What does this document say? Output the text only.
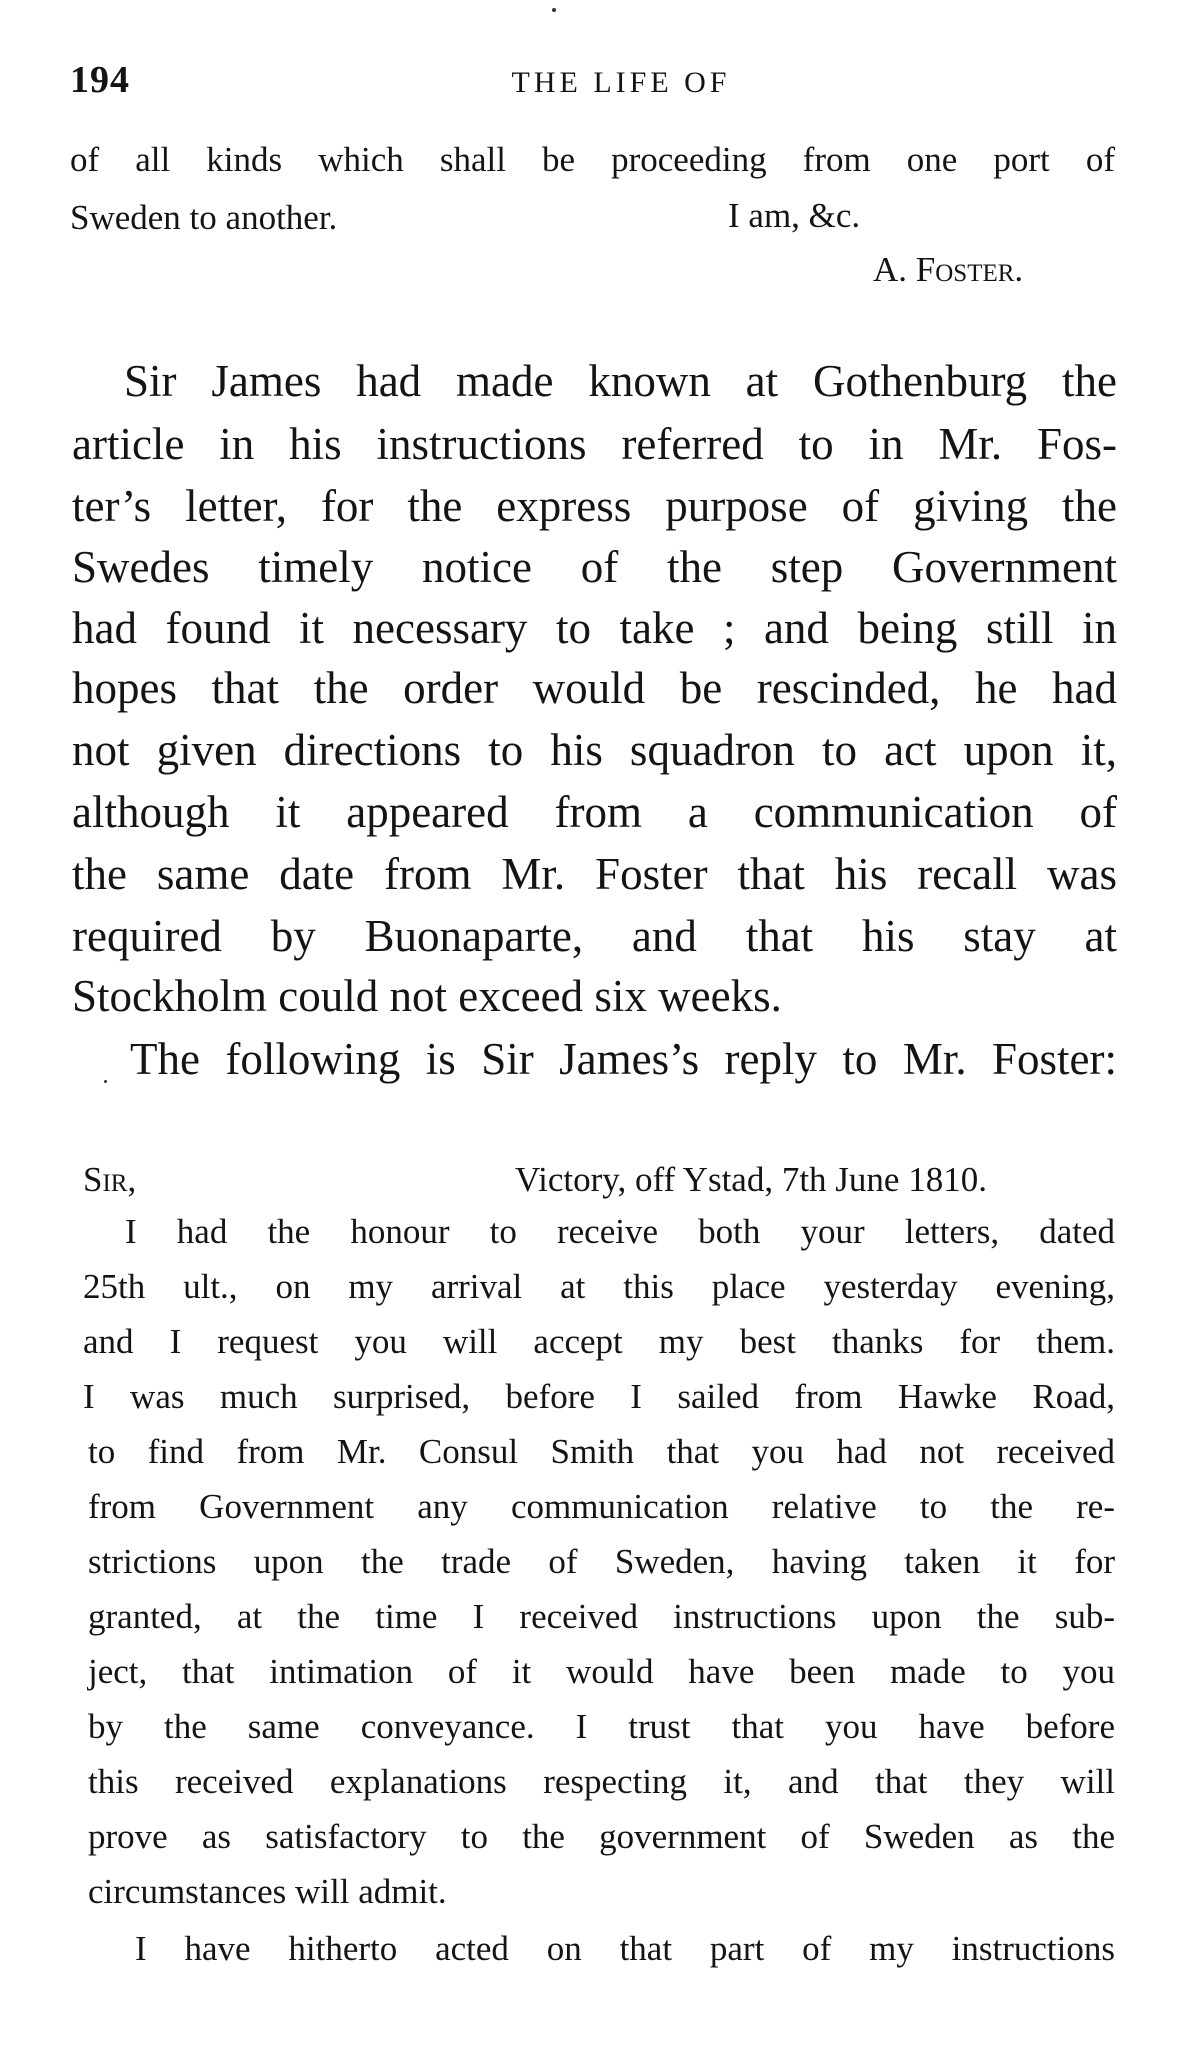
194	THE LIFE OF
of all kinds which shall be proceeding from one port of
Sweden to another.	I am, &c.
A. Foster.
Sir James had made known at Gothenburg the
article in his instructions referred to in Mr. Fos-
ter’s letter, for the express purpose of giving the
Swedes timely notice of the step Government
had found it necessary to take ; and being still in
hopes that the order would be rescinded, he had
not given directions to his squadron to act upon it,
although it appeared from a communication of
the same date from Mr. Foster that his recall was
required by Buonaparte, and that his stay at
Stockholm could not exceed six weeks.
The following is Sir James’s reply to Mr. Foster:
Sir,	Victory, off Ystad, 7th June 1810.
I had the honour to receive both your letters, dated
25th ult., on my arrival at this place yesterday evening,
and I request you will accept my best thanks for them.
I was much surprised, before I sailed from Hawke Road,
to find from Mr. Consul Smith that you had not received
from Government any communication relative to the re-
strictions upon the trade of Sweden, having taken it for
granted, at the time I received instructions upon the sub-
ject, that intimation of it would have been made to you
by the same conveyance. I trust that you have before
this received explanations respecting it, and that they will
prove as satisfactory to the government of Sweden as the
circumstances will admit.
I have hitherto acted on that part of my instructions
